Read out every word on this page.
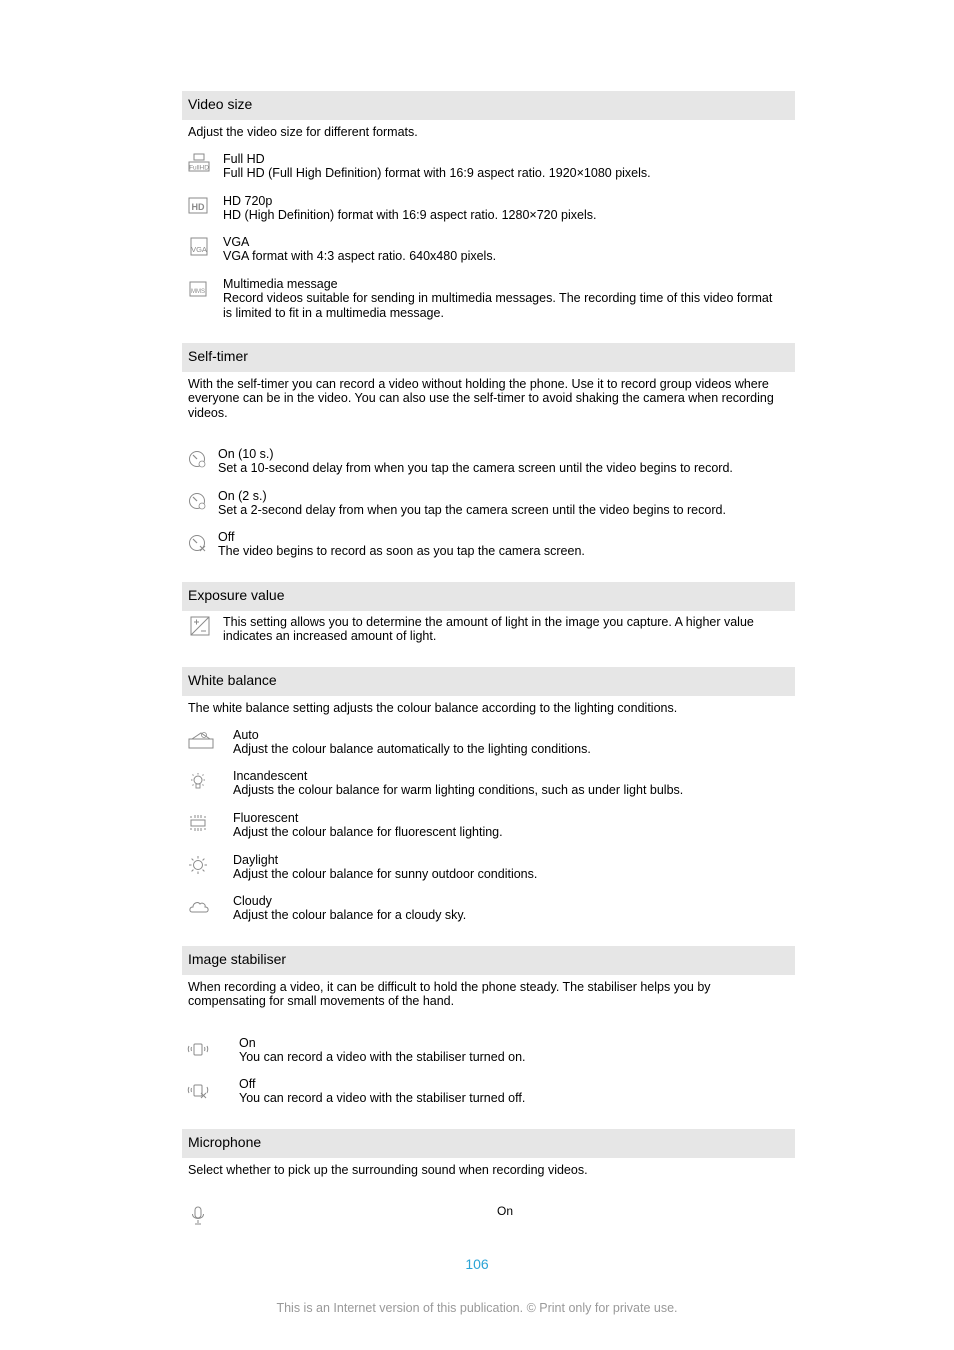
Video size
Adjust the video size for different formats.
FullHD
Full HD
Full HD (Full High Definition) format with 16:9 aspect ratio. 1920×1080 pixels.
HD HD 720p
HD (High Definition) format with 16:9 aspect ratio. 1280×720 pixels.
VGA
VGA
VGA format with 4:3 aspect ratio. 640x480 pixels.
MMS
Multimedia message
Record videos suitable for sending in multimedia messages. The recording time of this video format is limited to fit in a multimedia message.
Self-timer
With the self-timer you can record a video without holding the phone. Use it to record group videos where everyone can be in the video. You can also use the self-timer to avoid shaking the camera when recording videos.
On (10 s.)
Set a 10-second delay from when you tap the camera screen until the video begins to record.
On (2 s.)
Set a 2-second delay from when you tap the camera screen until the video begins to record.
Off
The video begins to record as soon as you tap the camera screen.
Exposure value
This setting allows you to determine the amount of light in the image you capture. A higher value indicates an increased amount of light.
White balance
The white balance setting adjusts the colour balance according to the lighting conditions.
Auto
Adjust the colour balance automatically to the lighting conditions.
Incandescent
Adjusts the colour balance for warm lighting conditions, such as under light bulbs.
Fluorescent
Adjust the colour balance for fluorescent lighting.
Daylight
Adjust the colour balance for sunny outdoor conditions.
Cloudy
Adjust the colour balance for a cloudy sky.
Image stabiliser
When recording a video, it can be difficult to hold the phone steady. The stabiliser helps you by compensating for small movements of the hand.
On
You can record a video with the stabiliser turned on.
Off
You can record a video with the stabiliser turned off.
Microphone
Select whether to pick up the surrounding sound when recording videos.
On
106
This is an Internet version of this publication. © Print only for private use.
